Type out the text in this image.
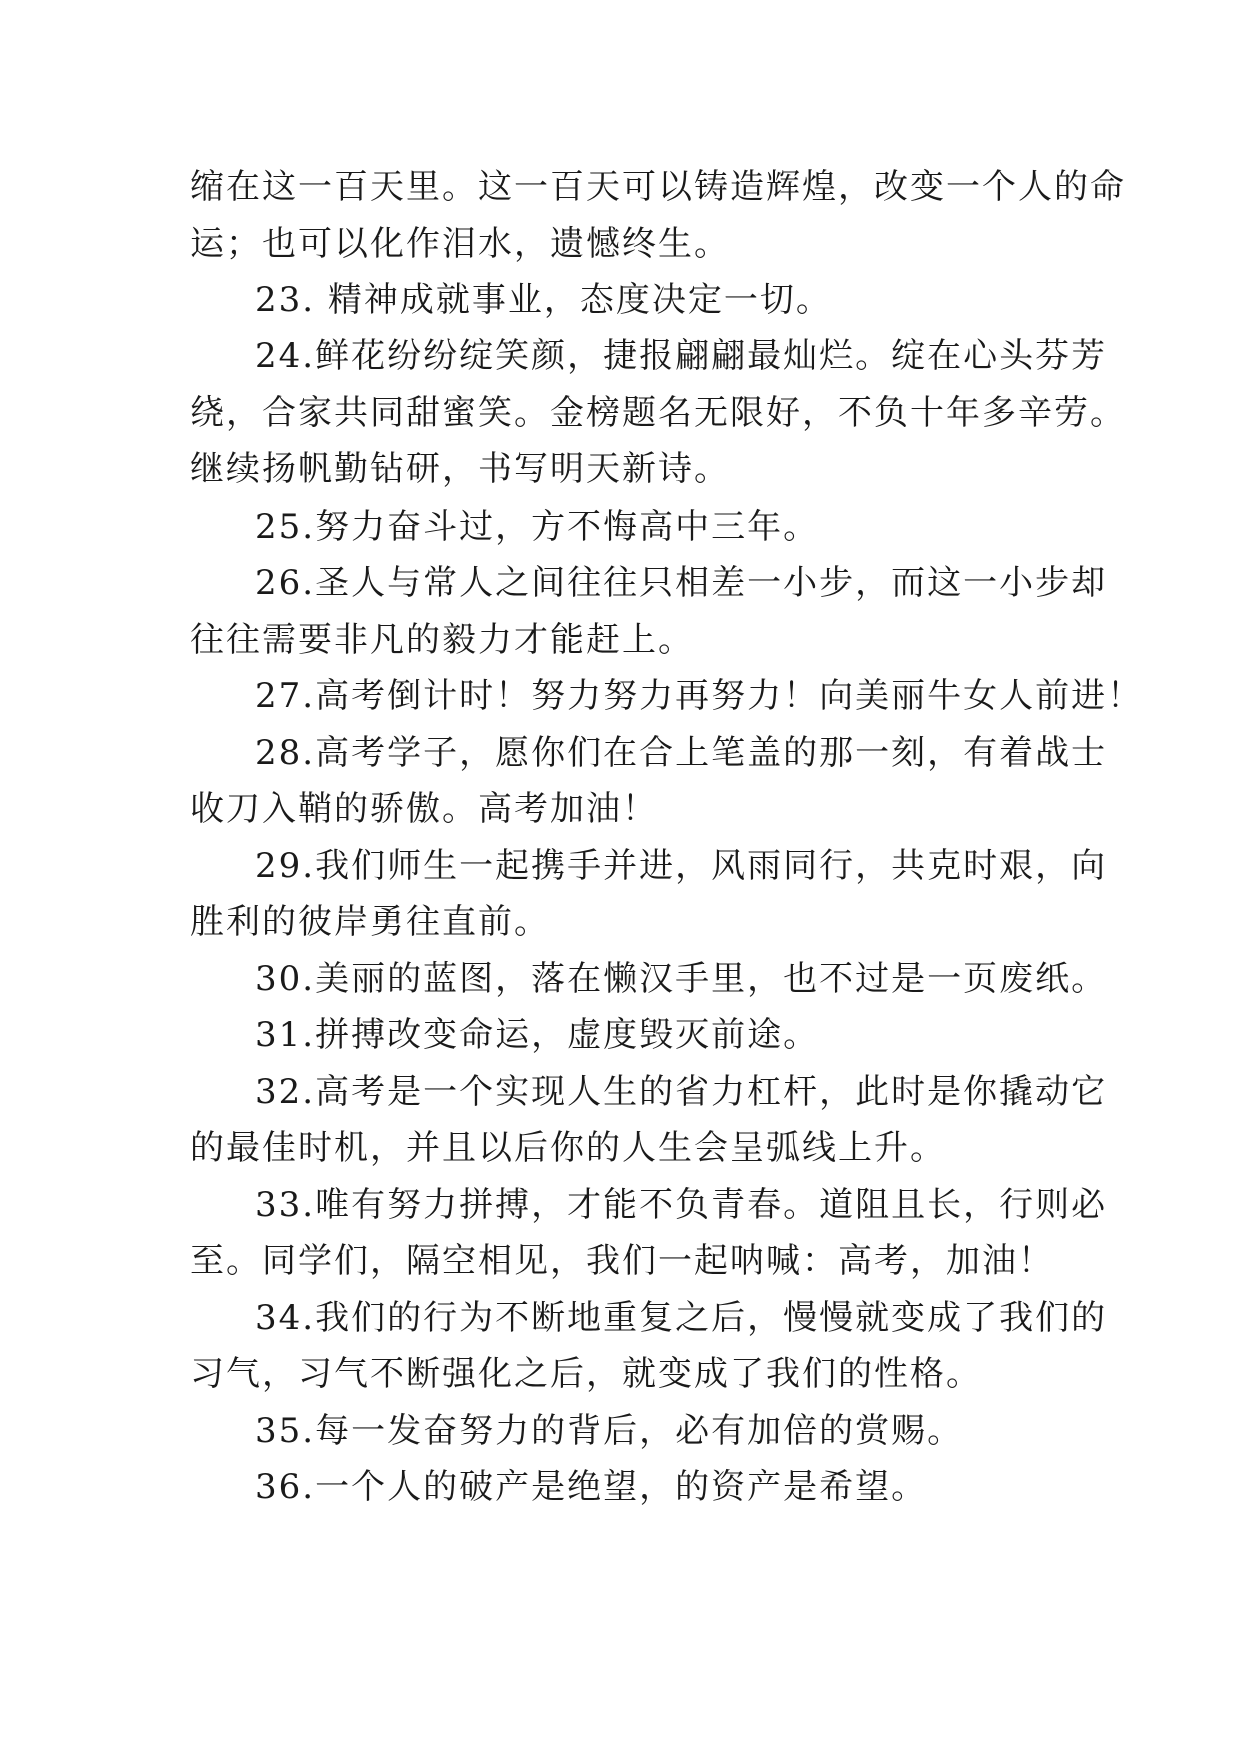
缩在这一百天里。这一百天可以铸造辉煌，改变一个人的命
运；也可以化作泪水，遗憾终生。
23. 精神成就事业，态度决定一切。
24.鲜花纷纷绽笑颜，捷报翩翩最灿烂。绽在心头芬芳
绕，合家共同甜蜜笑。金榜题名无限好，不负十年多辛劳。
继续扬帆勤钻研，书写明天新诗。
25.努力奋斗过，方不悔高中三年。
26.圣人与常人之间往往只相差一小步，而这一小步却
往往需要非凡的毅力才能赶上。
27.高考倒计时！努力努力再努力！向美丽牛女人前进！
28.高考学子，愿你们在合上笔盖的那一刻，有着战士
收刀入鞘的骄傲。高考加油！
29.我们师生一起携手并进，风雨同行，共克时艰，向
胜利的彼岸勇往直前。
30.美丽的蓝图，落在懒汉手里，也不过是一页废纸。
31.拼搏改变命运，虚度毁灭前途。
32.高考是一个实现人生的省力杠杆，此时是你撬动它
的最佳时机，并且以后你的人生会呈弧线上升。
33.唯有努力拼搏，才能不负青春。道阻且长，行则必
至。同学们，隔空相见，我们一起呐喊：高考，加油！
34.我们的行为不断地重复之后，慢慢就变成了我们的
习气，习气不断强化之后，就变成了我们的性格。
35.每一发奋努力的背后，必有加倍的赏赐。
36.一个人的破产是绝望，的资产是希望。
